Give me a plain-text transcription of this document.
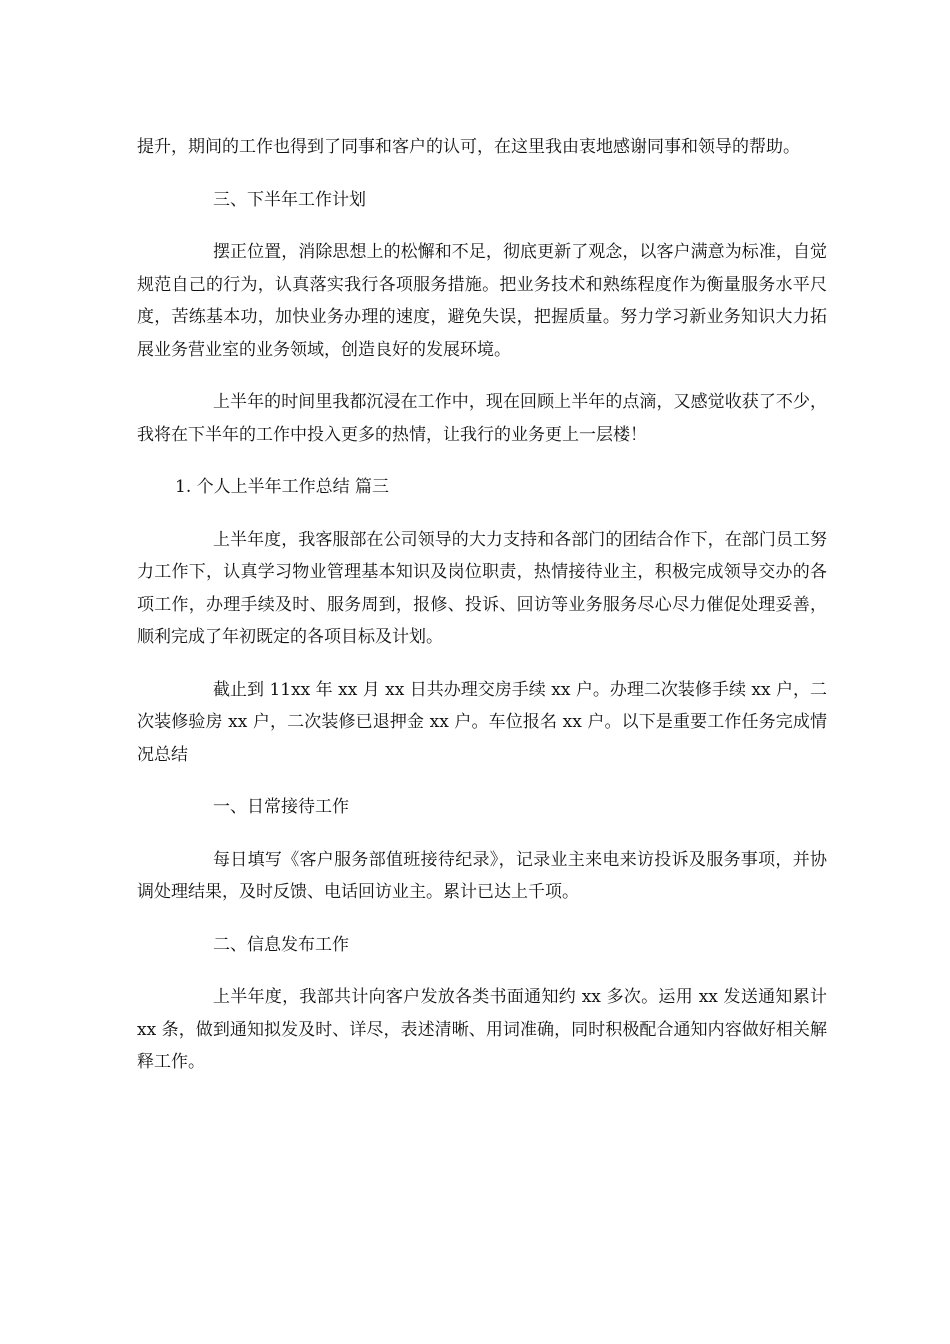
提升，期间的工作也得到了同事和客户的认可，在这里我由衷地感谢同事和领导的帮助。

三、下半年工作计划

摆正位置，消除思想上的松懈和不足，彻底更新了观念，以客户满意为标准，自觉规范自己的行为，认真落实我行各项服务措施。把业务技术和熟练程度作为衡量服务水平尺度，苦练基本功，加快业务办理的速度，避免失误，把握质量。努力学习新业务知识大力拓展业务营业室的业务领域，创造良好的发展环境。

上半年的时间里我都沉浸在工作中，现在回顾上半年的点滴，又感觉收获了不少，我将在下半年的工作中投入更多的热情，让我行的业务更上一层楼！

1. 个人上半年工作总结 篇三

上半年度，我客服部在公司领导的大力支持和各部门的团结合作下，在部门员工努力工作下，认真学习物业管理基本知识及岗位职责，热情接待业主，积极完成领导交办的各项工作，办理手续及时、服务周到，报修、投诉、回访等业务服务尽心尽力催促处理妥善，顺利完成了年初既定的各项目标及计划。

截止到 11xx 年 xx 月 xx 日共办理交房手续 xx 户。办理二次装修手续 xx 户，二次装修验房 xx 户，二次装修已退押金 xx 户。车位报名 xx 户。以下是重要工作任务完成情况总结

一、日常接待工作

每日填写《客户服务部值班接待纪录》，记录业主来电来访投诉及服务事项，并协调处理结果，及时反馈、电话回访业主。累计已达上千项。

二、信息发布工作

上半年度，我部共计向客户发放各类书面通知约 xx 多次。运用 xx 发送通知累计 xx 条，做到通知拟发及时、详尽，表述清晰、用词准确，同时积极配合通知内容做好相关解释工作。
